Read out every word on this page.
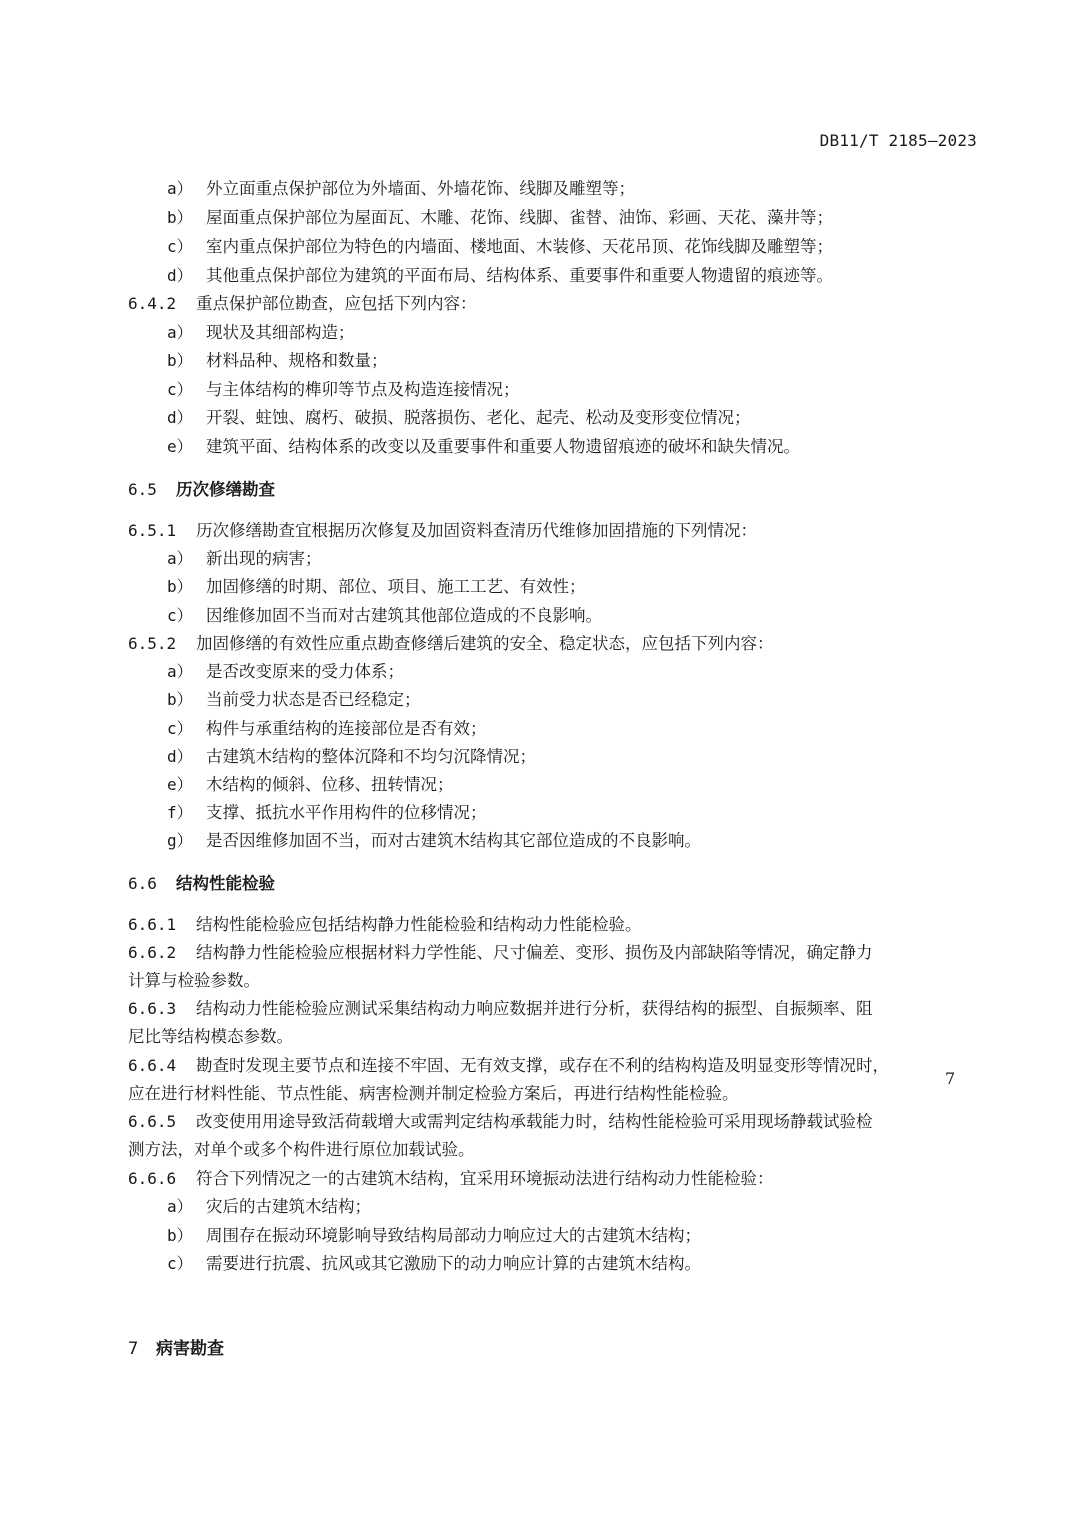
DB11/T 2185—2023
a） 外立面重点保护部位为外墙面、外墙花饰、线脚及雕塑等；
b） 屋面重点保护部位为屋面瓦、木雕、花饰、线脚、雀替、油饰、彩画、天花、藻井等；
c） 室内重点保护部位为特色的内墙面、楼地面、木装修、天花吊顶、花饰线脚及雕塑等；
d） 其他重点保护部位为建筑的平面布局、结构体系、重要事件和重要人物遗留的痕迹等。
6.4.2 重点保护部位勘查，应包括下列内容：
a） 现状及其细部构造；
b） 材料品种、规格和数量；
c） 与主体结构的榫卯等节点及构造连接情况；
d） 开裂、蛀蚀、腐朽、破损、脱落损伤、老化、起壳、松动及变形变位情况；
e） 建筑平面、结构体系的改变以及重要事件和重要人物遗留痕迹的破坏和缺失情况。
6.5 历次修缮勘查
6.5.1 历次修缮勘查宜根据历次修复及加固资料查清历代维修加固措施的下列情况：
a） 新出现的病害；
b） 加固修缮的时期、部位、项目、施工工艺、有效性；
c） 因维修加固不当而对古建筑其他部位造成的不良影响。
6.5.2 加固修缮的有效性应重点勘查修缮后建筑的安全、稳定状态，应包括下列内容：
a） 是否改变原来的受力体系；
b） 当前受力状态是否已经稳定；
c） 构件与承重结构的连接部位是否有效；
d） 古建筑木结构的整体沉降和不均匀沉降情况；
e） 木结构的倾斜、位移、扭转情况；
f） 支撑、抵抗水平作用构件的位移情况；
g） 是否因维修加固不当，而对古建筑木结构其它部位造成的不良影响。
6.6 结构性能检验
6.6.1 结构性能检验应包括结构静力性能检验和结构动力性能检验。
6.6.2 结构静力性能检验应根据材料力学性能、尺寸偏差、变形、损伤及内部缺陷等情况，确定静力
计算与检验参数。
6.6.3 结构动力性能检验应测试采集结构动力响应数据并进行分析，获得结构的振型、自振频率、阻
尼比等结构模态参数。
6.6.4 勘查时发现主要节点和连接不牢固、无有效支撑，或存在不利的结构构造及明显变形等情况时，
应在进行材料性能、节点性能、病害检测并制定检验方案后，再进行结构性能检验。
6.6.5 改变使用用途导致活荷载增大或需判定结构承载能力时，结构性能检验可采用现场静载试验检
测方法，对单个或多个构件进行原位加载试验。
6.6.6 符合下列情况之一的古建筑木结构，宜采用环境振动法进行结构动力性能检验：
a） 灾后的古建筑木结构；
b） 周围存在振动环境影响导致结构局部动力响应过大的古建筑木结构；
c） 需要进行抗震、抗风或其它激励下的动力响应计算的古建筑木结构。
7 病害勘查
7
